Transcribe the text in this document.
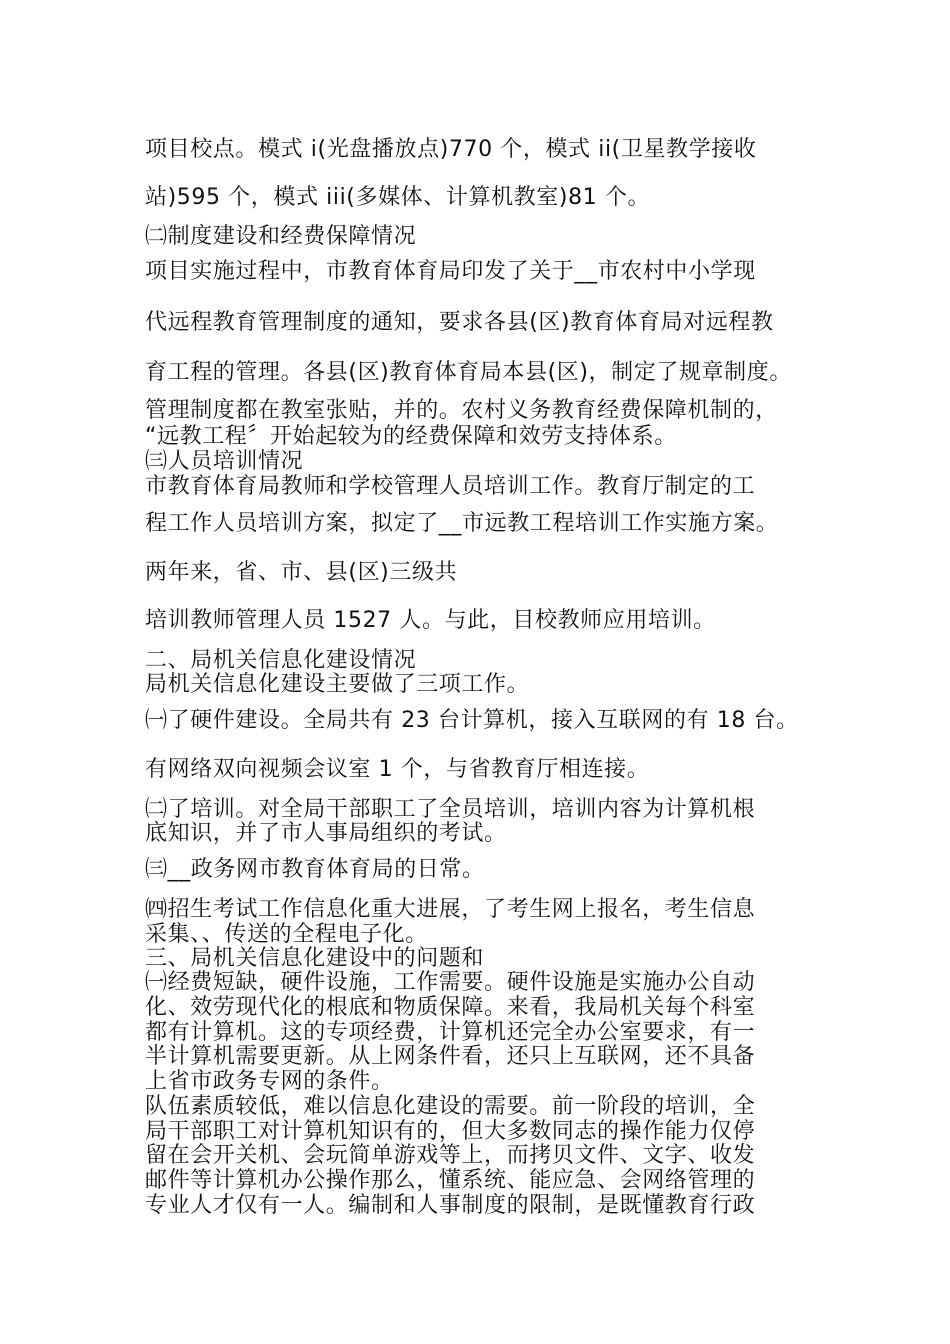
项目校点。模式 i(光盘播放点)770 个，模式 ii(卫星教学接收
站)595 个，模式 iii(多媒体、计算机教室)81 个。
㈡制度建设和经费保障情况
项目实施过程中，市教育体育局印发了关于__市农村中小学现
代远程教育管理制度的通知，要求各县(区)教育体育局对远程教
育工程的管理。各县(区)教育体育局本县(区)，制定了规章制度。
管理制度都在教室张贴，并的。农村义务教育经费保障机制的，
“远教工程〞开始起较为的经费保障和效劳支持体系。
㈢人员培训情况
市教育体育局教师和学校管理人员培训工作。教育厅制定的工
程工作人员培训方案，拟定了__市远教工程培训工作实施方案。
两年来，省、市、县(区)三级共
培训教师管理人员 1527 人。与此，目校教师应用培训。
二、局机关信息化建设情况
局机关信息化建设主要做了三项工作。
㈠了硬件建设。全局共有 23 台计算机，接入互联网的有 18 台。
有网络双向视频会议室 1 个，与省教育厅相连接。
㈡了培训。对全局干部职工了全员培训，培训内容为计算机根
底知识，并了市人事局组织的考试。
㈢__政务网市教育体育局的日常。
㈣招生考试工作信息化重大进展，了考生网上报名，考生信息
采集、、传送的全程电子化。
三、局机关信息化建设中的问题和
㈠经费短缺，硬件设施，工作需要。硬件设施是实施办公自动
化、效劳现代化的根底和物质保障。来看，我局机关每个科室
都有计算机。这的专项经费，计算机还完全办公室要求，有一
半计算机需要更新。从上网条件看，还只上互联网，还不具备
上省市政务专网的条件。
队伍素质较低，难以信息化建设的需要。前一阶段的培训，全
局干部职工对计算机知识有的，但大多数同志的操作能力仅停
留在会开关机、会玩简单游戏等上，而拷贝文件、文字、收发
邮件等计算机办公操作那么，懂系统、能应急、会网络管理的
专业人才仅有一人。编制和人事制度的限制，是既懂教育行政
